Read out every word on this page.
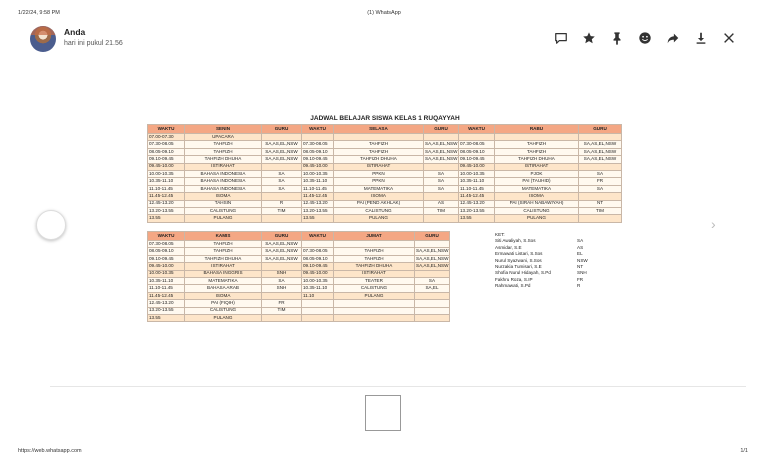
1/22/24, 9:58 PM	(1) WhatsApp
Anda
hari ini pukul 21.56
›
JADWAL BELAJAR SISWA KELAS 1 RUQAYYAH
WAKTU	SENIN	GURU	WAKTU	SELASA	GURU	WAKTU	RABU	GURU
07.00-07.30	UPACARA							
07.30-08.05	TAHFIZH	SA,AS,EL,NSW	07.30-08.05	TAHFIZH	SA,AS,EL,NSW	07.30-08.05	TAHFIZH	SA,AS,EL,NSW
08.05-09.10	TAHFIZH	SA,AS,EL,NSW	08.05-09.10	TAHFIZH	SA,AS,EL,NSW	08.05-09.10	TAHFIZH	SA,AS,EL,NSW
09.10-09.45	TAHFIZH DHUHA	SA,AS,EL,NSW	09.10-09.45	TAHFIZH DHUHA	SA,AS,EL,NSW	09.10-09.45	TAHFIZH DHUHA	SA,AS,EL,NSW
09.45-10.00	ISTIRAHAT		09.45-10.00	ISTIRAHAT		09.45-10.00	ISTIRAHAT	
10.00-10.35	BAHASA INDONESIA	SA	10.00-10.35	PPKN	SA	10.00-10.35	PJOK	SA
10.35-11.10	BAHASA INDONESIA	SA	10.35-11.10	PPKN	SA	10.35-11.10	PAI (TAUHID)	FR
11.10-11.45	BAHASA INDONESIA	SA	11.10-11.45	MATEMATIKA	SA	11.10-11.45	MATEMATIKA	SA
11.45-12.45	ISOMA		11.45-12.45	ISOMA		11.45-12.45	ISOMA	
12.45-13.20	TAHSIN	R	12.45-13.20	PAI (PEND AKHLAK)	AS	12.45-13.20	PAI (SIRAH NABAWIYAH)	NT
13.20-13.55	CALISTUNG	TIM	13.20-13.55	CALISTUNG	TIM	13.20-13.55	CALISTUNG	TIM
13.55	PULANG		13.55	PULANG		13.55	PULANG	
WAKTU	KAMIS	GURU	WAKTU	JUMAT	GURU
07.30-08.05	TAHFIZH	SA,AS,EL,NSW			
08.05-09.10	TAHFIZH	SA,AS,EL,NSW	07.30-08.05	TAHFIZH	SA,AS,EL,NSW
09.10-09.45	TAHFIZH DHUHA	SA,AS,EL,NSW	08.05-09.10	TAHFIZH	SA,AS,EL,NSW
09.45-10.00	ISTIRAHAT		09.10-09.45	TAHFIZH DHUHA	SA,AS,EL,NSW
10.00-10.35	BAHASA INGGRIS	SNH	09.45-10.00	ISTIRAHAT	
10.35-11.10	MATEMATIKA	SA	10.00-10.35	TEATER	SA
11.10-11.45	BAHASA ARAB	SNH	10.35-11.10	CALISTUNG	SA,EL
11.45-12.45	ISOMA		11.10	PULANG	
12.45-13.20	PAI (FIQIH)	FR			
13.20-13.55	CALISTUNG	TIM			
13.55	PULANG				
KET:
Siti Awaliyah, S.Sos	SA
Asmidar, S.E	AS
Ermawati Listari, S.Sos	EL
Nurul Syazwani, S.Sos	NSW
Nurzakia Tumisari, S.E	NT
Shofia Nurul Hidayah, S.Pd	SNH
Fakhru Roza, S.IP	FR
Rahmawati, S.Pd	R
https://web.whatsapp.com	1/1
